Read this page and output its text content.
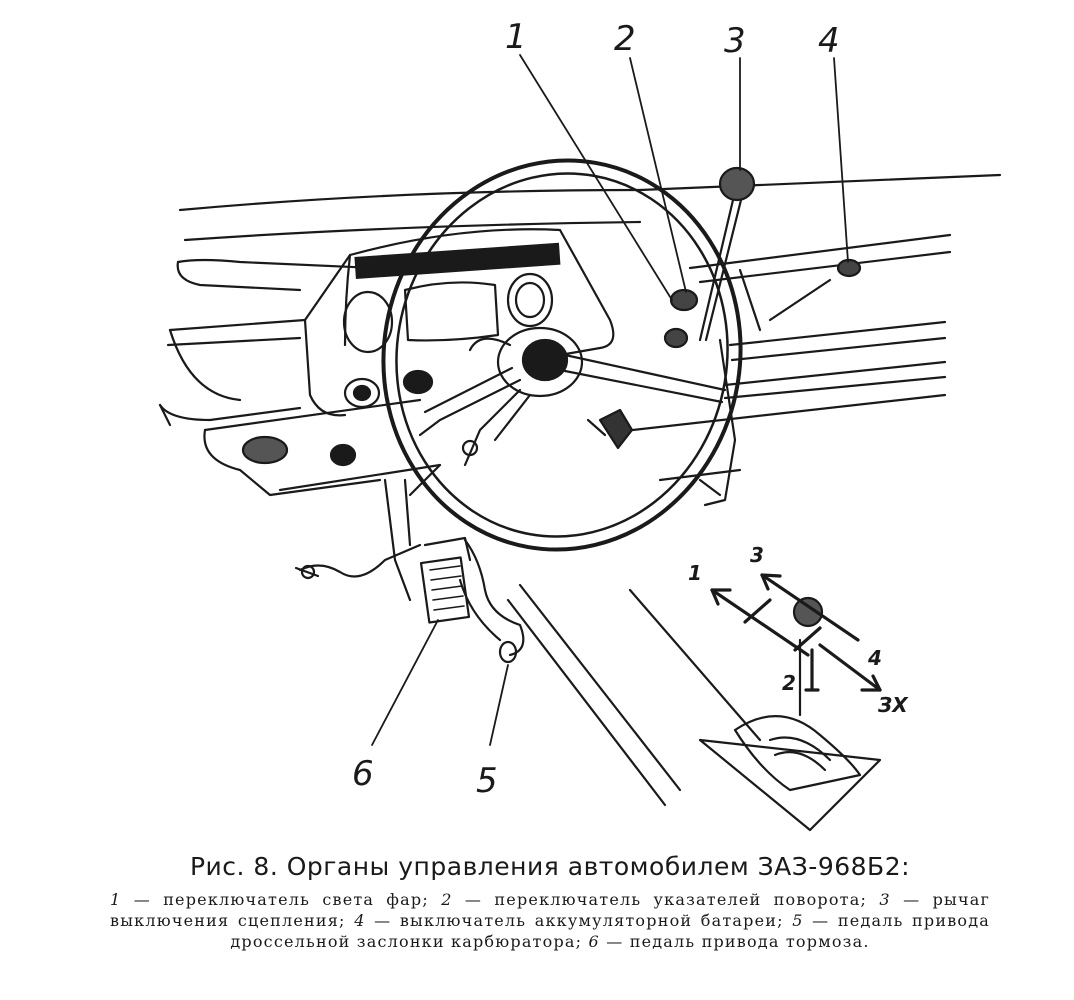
1	2	3 4
6	5
1
3
4
2
ЗХ
Рис. 8. Органы управления автомобилем ЗАЗ-968Б2:
1 — переключатель света фар; 2 — переключатель указателей поворота; 3 — рычаг выключения сцепления; 4 — выключатель аккумуляторной батареи; 5 — педаль привода дроссельной заслонки карбюратора; 6 — педаль привода тормоза.
